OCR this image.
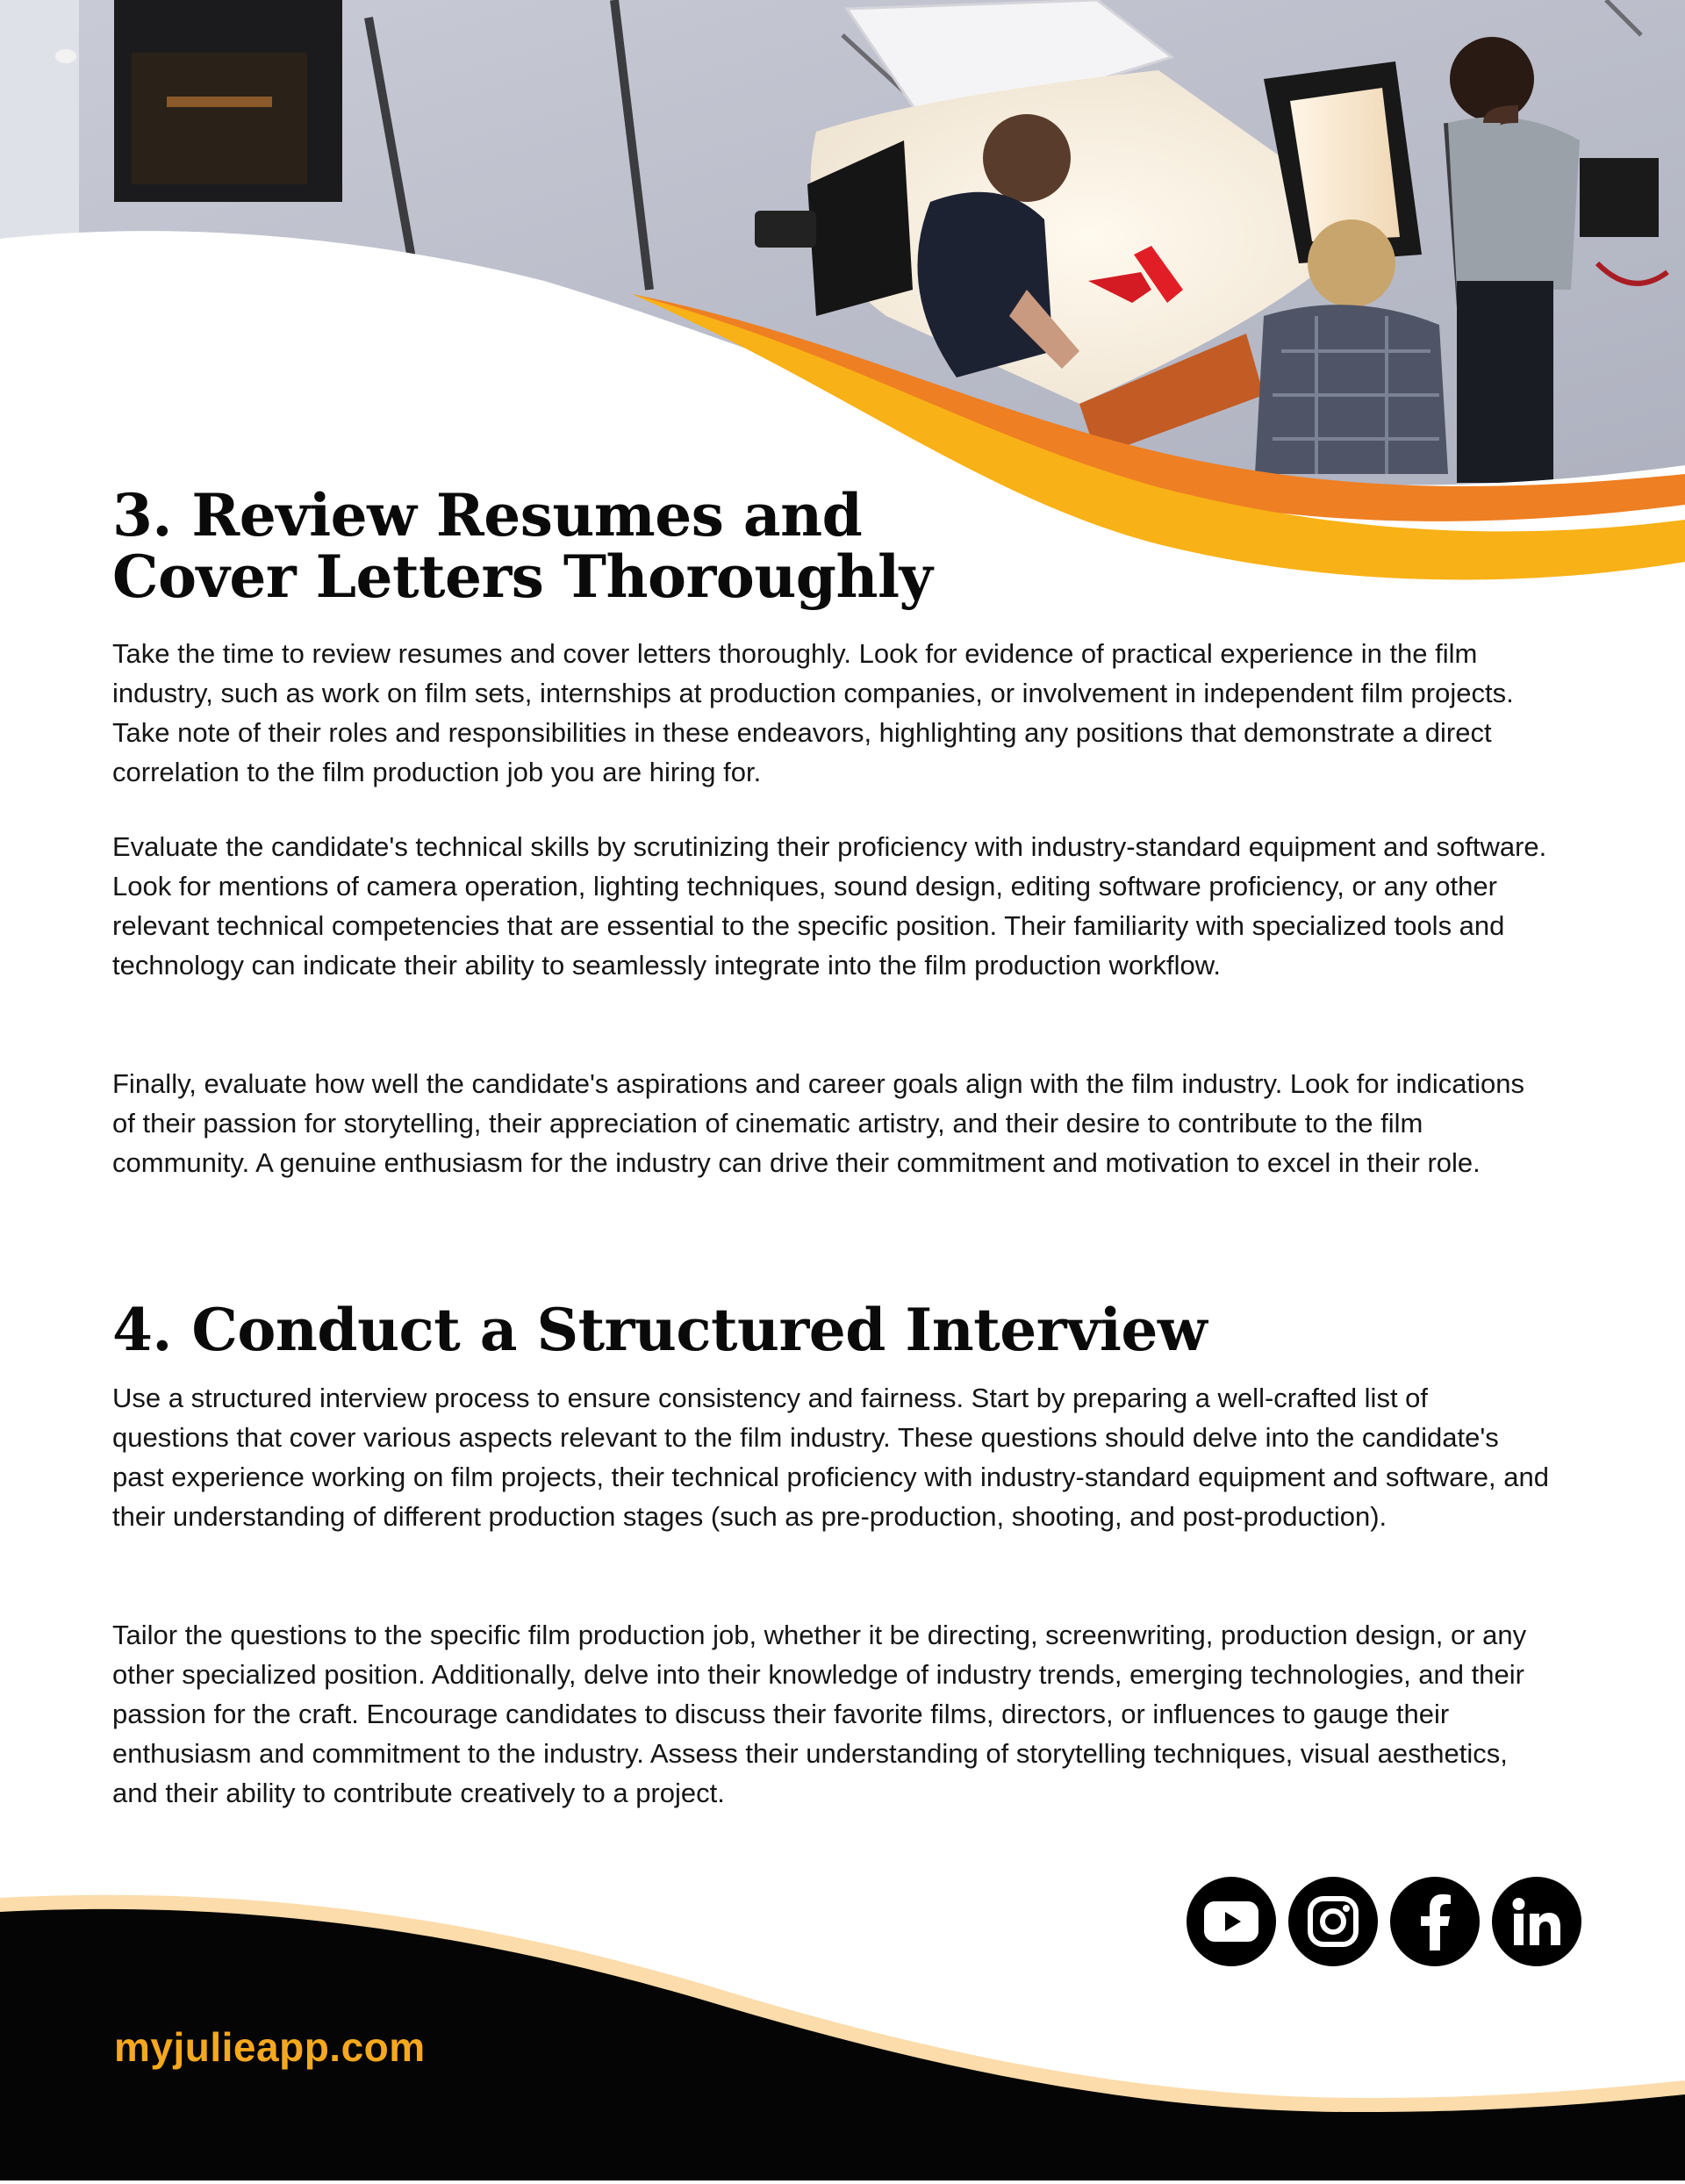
3. Review Resumes and
Cover Letters Thoroughly

Take the time to review resumes and cover letters thoroughly. Look for evidence of practical experience in the film industry, such as work on film sets, internships at production companies, or involvement in independent film projects. Take note of their roles and responsibilities in these endeavors, highlighting any positions that demonstrate a direct correlation to the film production job you are hiring for.

Evaluate the candidate's technical skills by scrutinizing their proficiency with industry-standard equipment and software. Look for mentions of camera operation, lighting techniques, sound design, editing software proficiency, or any other relevant technical competencies that are essential to the specific position. Their familiarity with specialized tools and technology can indicate their ability to seamlessly integrate into the film production workflow.

Finally, evaluate how well the candidate's aspirations and career goals align with the film industry. Look for indications of their passion for storytelling, their appreciation of cinematic artistry, and their desire to contribute to the film community. A genuine enthusiasm for the industry can drive their commitment and motivation to excel in their role.

4. Conduct a Structured Interview

Use a structured interview process to ensure consistency and fairness. Start by preparing a well-crafted list of questions that cover various aspects relevant to the film industry. These questions should delve into the candidate's past experience working on film projects, their technical proficiency with industry-standard equipment and software, and their understanding of different production stages (such as pre-production, shooting, and post-production).

Tailor the questions to the specific film production job, whether it be directing, screenwriting, production design, or any other specialized position. Additionally, delve into their knowledge of industry trends, emerging technologies, and their passion for the craft. Encourage candidates to discuss their favorite films, directors, or influences to gauge their enthusiasm and commitment to the industry. Assess their understanding of storytelling techniques, visual aesthetics, and their ability to contribute creatively to a project.

myjulieapp.com
